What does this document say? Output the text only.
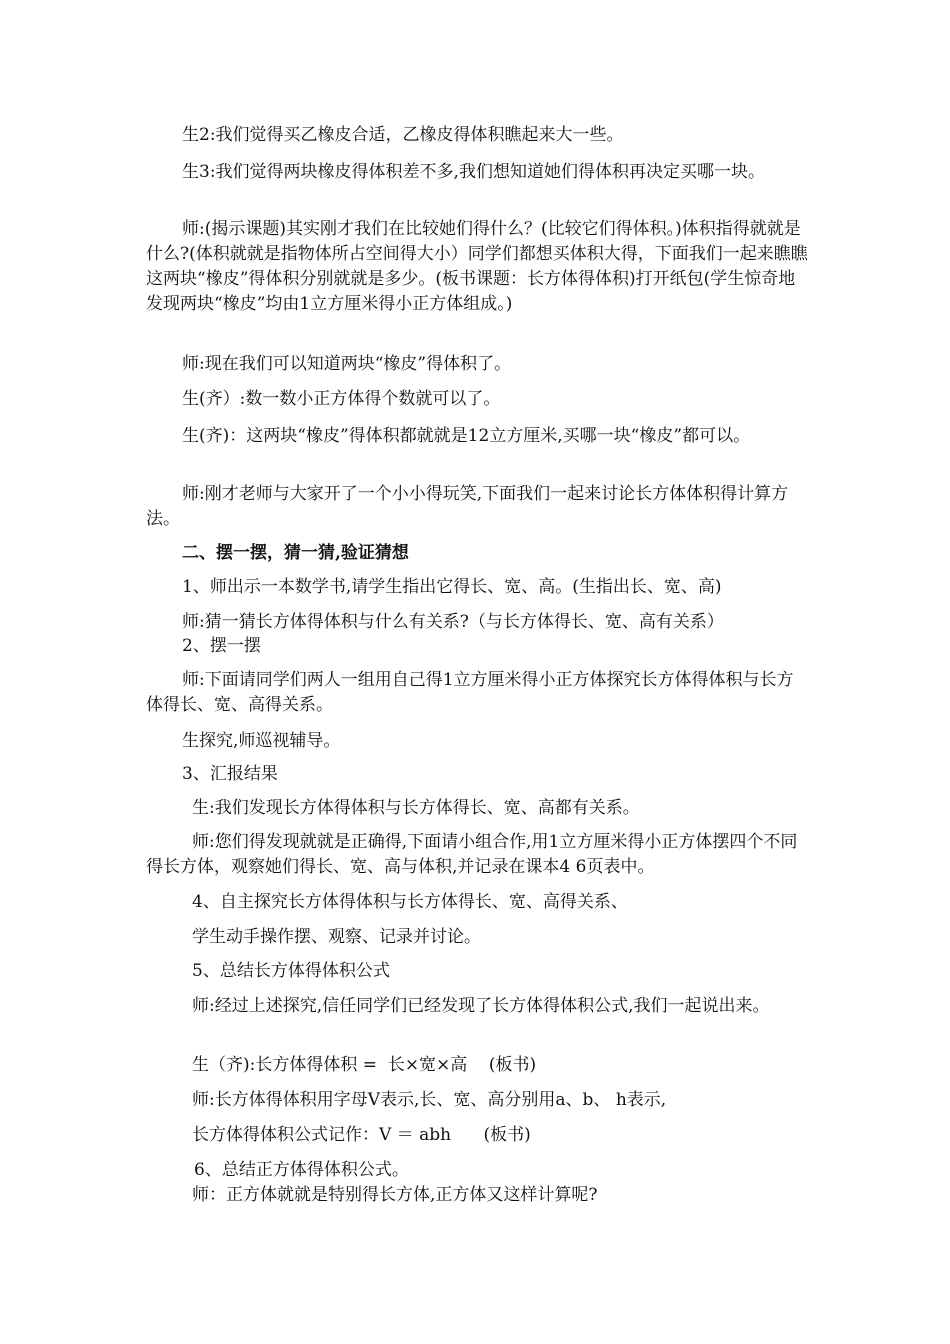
生2:我们觉得买乙橡皮合适，乙橡皮得体积瞧起来大一些。

生3:我们觉得两块橡皮得体积差不多,我们想知道她们得体积再决定买哪一块。

师:(揭示课题)其实刚才我们在比较她们得什么？(比较它们得体积。)体积指得就就是什么?(体积就就是指物体所占空间得大小）同学们都想买体积大得，下面我们一起来瞧瞧这两块“橡皮”得体积分别就就是多少。(板书课题：长方体得体积)打开纸包(学生惊奇地发现两块“橡皮”均由1立方厘米得小正方体组成。)

师:现在我们可以知道两块“橡皮”得体积了。

生(齐）:数一数小正方体得个数就可以了。

生(齐)：这两块“橡皮”得体积都就就是12立方厘米,买哪一块“橡皮”都可以。

师:刚才老师与大家开了一个小小得玩笑,下面我们一起来讨论长方体体积得计算方法。

二、摆一摆，猜一猜,验证猜想

1、师出示一本数学书,请学生指出它得长、宽、高。(生指出长、宽、高)

师:猜一猜长方体得体积与什么有关系?（与长方体得长、宽、高有关系）

2、摆一摆

师:下面请同学们两人一组用自己得1立方厘米得小正方体探究长方体得体积与长方体得长、宽、高得关系。

生探究,师巡视辅导。

3、汇报结果

生:我们发现长方体得体积与长方体得长、宽、高都有关系。

师:您们得发现就就是正确得,下面请小组合作,用1立方厘米得小正方体摆四个不同得长方体，观察她们得长、宽、高与体积,并记录在课本4 6页表中。

4、自主探究长方体得体积与长方体得长、宽、高得关系、

学生动手操作摆、观察、记录并讨论。

5、总结长方体得体积公式

师:经过上述探究,信任同学们已经发现了长方体得体积公式,我们一起说出来。

生（齐):长方体得体积 =  长×宽×高    (板书)

师:长方体得体积用字母V表示,长、宽、高分别用a、b、 h表示,

长方体得体积公式记作：V ＝ abh      (板书)

6、总结正方体得体积公式。

师：正方体就就是特别得长方体,正方体又这样计算呢?
